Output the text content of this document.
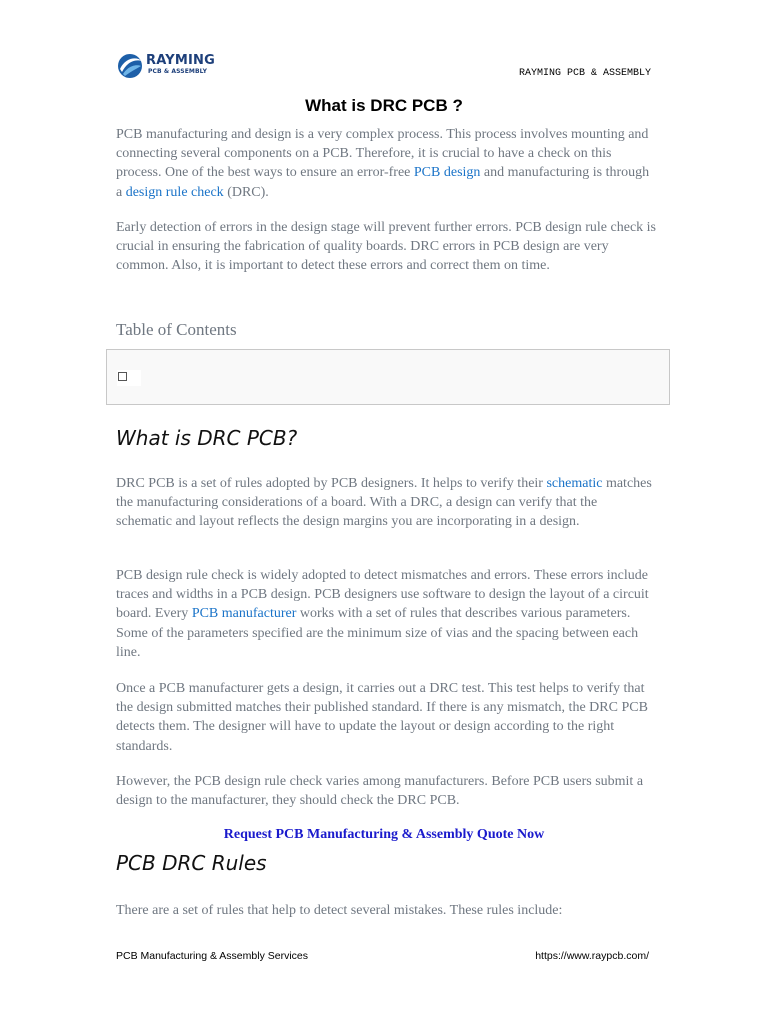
RAYMING
PCB & ASSEMBLY	RAYMING PCB & ASSEMBLY
What is DRC PCB ?

PCB manufacturing and design is a very complex process. This process involves mounting and connecting several components on a PCB. Therefore, it is crucial to have a check on this process. One of the best ways to ensure an error-free PCB design and manufacturing is through a design rule check (DRC).

Early detection of errors in the design stage will prevent further errors. PCB design rule check is crucial in ensuring the fabrication of quality boards. DRC errors in PCB design are very common. Also, it is important to detect these errors and correct them on time.

Table of Contents
What is DRC PCB?

DRC PCB is a set of rules adopted by PCB designers. It helps to verify their schematic matches the manufacturing considerations of a board. With a DRC, a design can verify that the schematic and layout reflects the design margins you are incorporating in a design.

PCB design rule check is widely adopted to detect mismatches and errors. These errors include traces and widths in a PCB design. PCB designers use software to design the layout of a circuit board. Every PCB manufacturer works with a set of rules that describes various parameters. Some of the parameters specified are the minimum size of vias and the spacing between each line.

Once a PCB manufacturer gets a design, it carries out a DRC test. This test helps to verify that the design submitted matches their published standard. If there is any mismatch, the DRC PCB detects them. The designer will have to update the layout or design according to the right standards.

However, the PCB design rule check varies among manufacturers. Before PCB users submit a design to the manufacturer, they should check the DRC PCB.

Request PCB Manufacturing & Assembly Quote Now
PCB DRC Rules

There are a set of rules that help to detect several mistakes. These rules include:

PCB Manufacturing & Assembly Services	https://www.raypcb.com/
